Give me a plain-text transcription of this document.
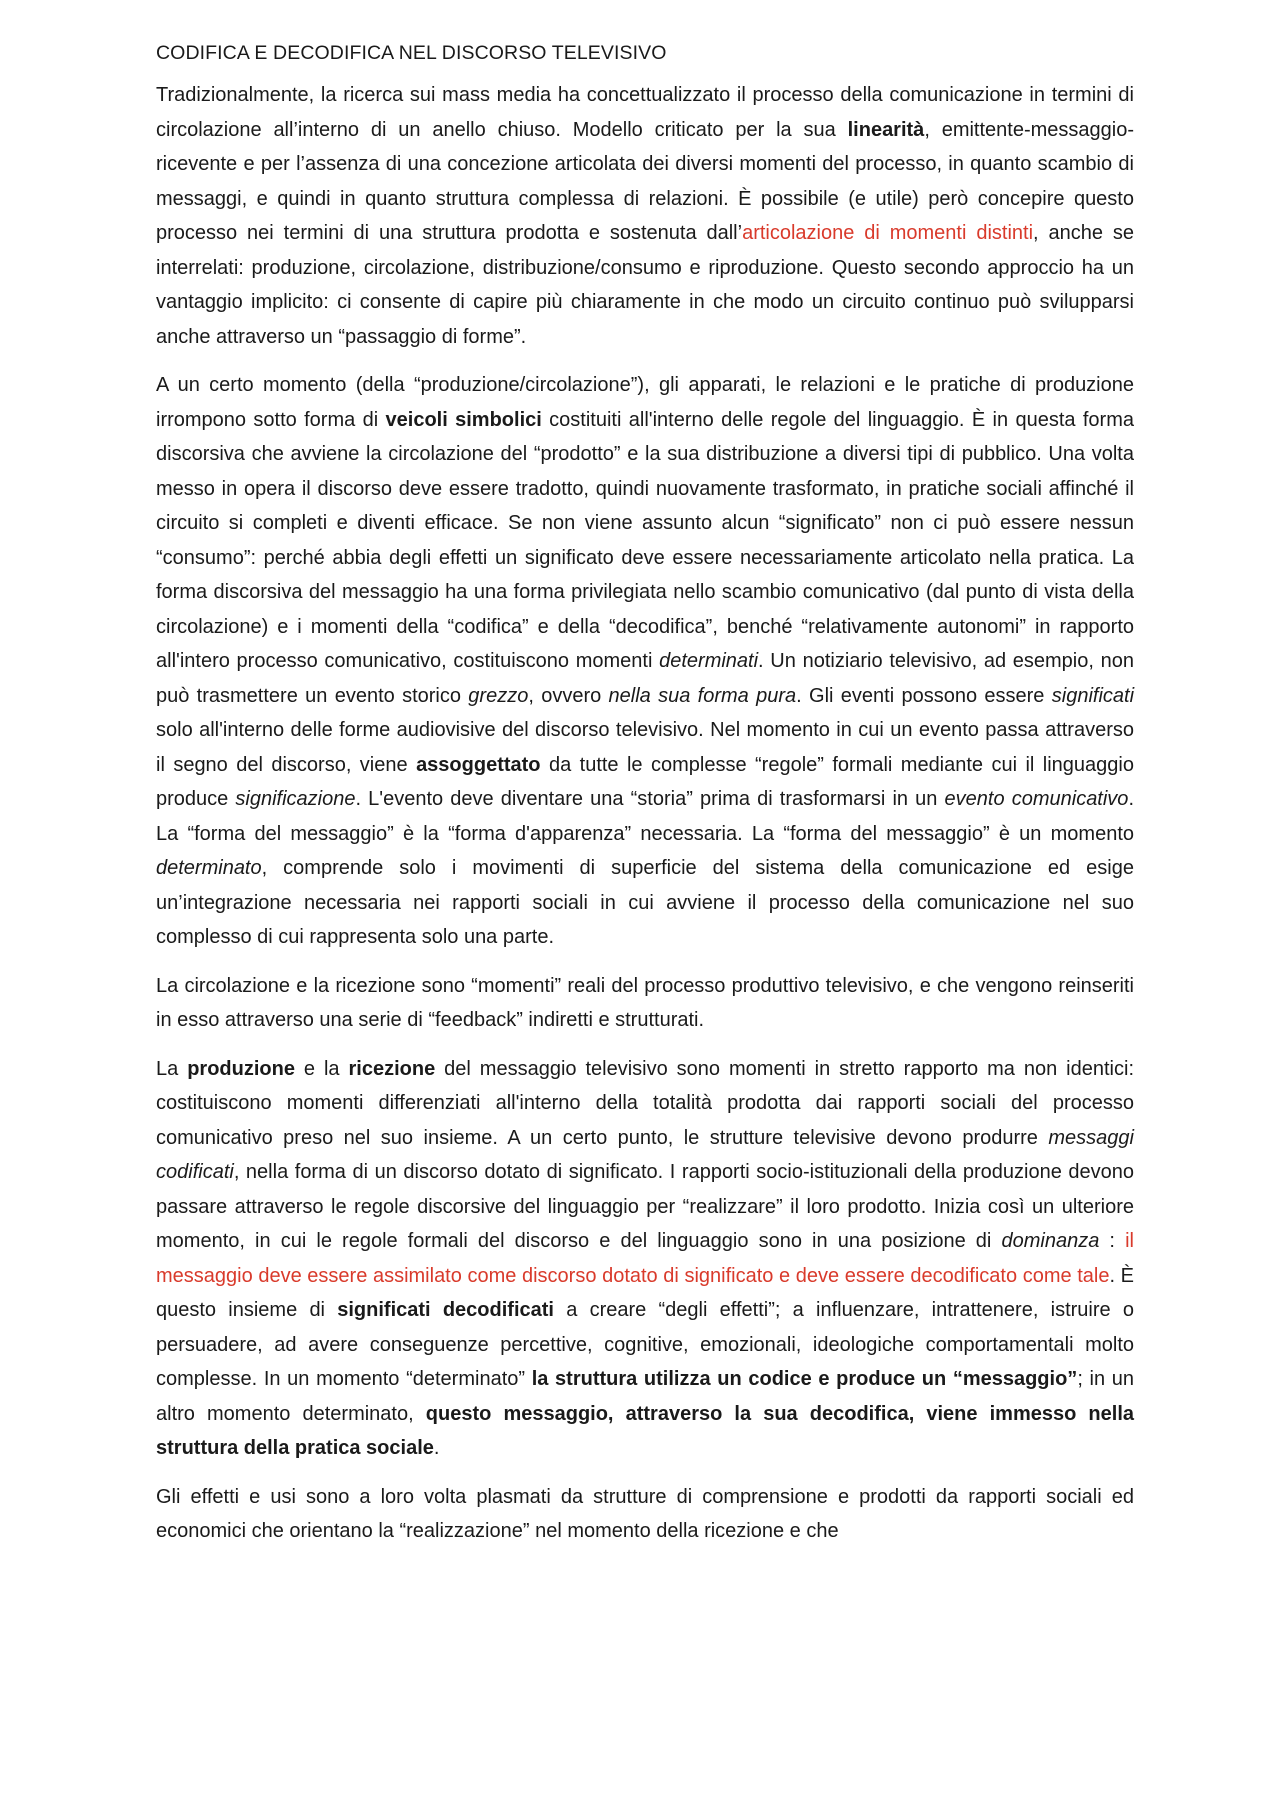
CODIFICA E DECODIFICA NEL DISCORSO TELEVISIVO

Tradizionalmente, la ricerca sui mass media ha concettualizzato il processo della comunicazione in termini di circolazione all’interno di un anello chiuso. Modello criticato per la sua linearità, emittente-messaggio-ricevente e per l’assenza di una concezione articolata dei diversi momenti del processo, in quanto scambio di messaggi, e quindi in quanto struttura complessa di relazioni. È possibile (e utile) però concepire questo processo nei termini di una struttura prodotta e sostenuta dall’articolazione di momenti distinti, anche se interrelati: produzione, circolazione, distribuzione/consumo e riproduzione. Questo secondo approccio ha un vantaggio implicito: ci consente di capire più chiaramente in che modo un circuito continuo può svilupparsi anche attraverso un “passaggio di forme”.

A un certo momento (della “produzione/circolazione”), gli apparati, le relazioni e le pratiche di produzione irrompono sotto forma di veicoli simbolici costituiti all'interno delle regole del linguaggio. È in questa forma discorsiva che avviene la circolazione del “prodotto” e la sua distribuzione a diversi tipi di pubblico. Una volta messo in opera il discorso deve essere tradotto, quindi nuovamente trasformato, in pratiche sociali affinché il circuito si completi e diventi efficace. Se non viene assunto alcun “significato” non ci può essere nessun “consumo”: perché abbia degli effetti un significato deve essere necessariamente articolato nella pratica. La forma discorsiva del messaggio ha una forma privilegiata nello scambio comunicativo (dal punto di vista della circolazione) e i momenti della “codifica” e della “decodifica”, benché “relativamente autonomi” in rapporto all'intero processo comunicativo, costituiscono momenti determinati. Un notiziario televisivo, ad esempio, non può trasmettere un evento storico grezzo, ovvero nella sua forma pura. Gli eventi possono essere significati solo all'interno delle forme audiovisive del discorso televisivo. Nel momento in cui un evento passa attraverso il segno del discorso, viene assoggettato da tutte le complesse “regole” formali mediante cui il linguaggio produce significazione. L'evento deve diventare una “storia” prima di trasformarsi in un evento comunicativo. La “forma del messaggio” è la “forma d'apparenza” necessaria. La “forma del messaggio” è un momento determinato, comprende solo i movimenti di superficie del sistema della comunicazione ed esige un’integrazione necessaria nei rapporti sociali in cui avviene il processo della comunicazione nel suo complesso di cui rappresenta solo una parte.

La circolazione e la ricezione sono “momenti” reali del processo produttivo televisivo, e che vengono reinseriti in esso attraverso una serie di “feedback” indiretti e strutturati.

La produzione e la ricezione del messaggio televisivo sono momenti in stretto rapporto ma non identici: costituiscono momenti differenziati all'interno della totalità prodotta dai rapporti sociali del processo comunicativo preso nel suo insieme. A un certo punto, le strutture televisive devono produrre messaggi codificati, nella forma di un discorso dotato di significato. I rapporti socio-istituzionali della produzione devono passare attraverso le regole discorsive del linguaggio per “realizzare” il loro prodotto. Inizia così un ulteriore momento, in cui le regole formali del discorso e del linguaggio sono in una posizione di dominanza : il messaggio deve essere assimilato come discorso dotato di significato e deve essere decodificato come tale. È questo insieme di significati decodificati a creare “degli effetti”; a influenzare, intrattenere, istruire o persuadere, ad avere conseguenze percettive, cognitive, emozionali, ideologiche comportamentali molto complesse. In un momento “determinato” la struttura utilizza un codice e produce un “messaggio”; in un altro momento determinato, questo messaggio, attraverso la sua decodifica, viene immesso nella struttura della pratica sociale.

Gli effetti e usi sono a loro volta plasmati da strutture di comprensione e prodotti da rapporti sociali ed economici che orientano la “realizzazione” nel momento della ricezione e che
